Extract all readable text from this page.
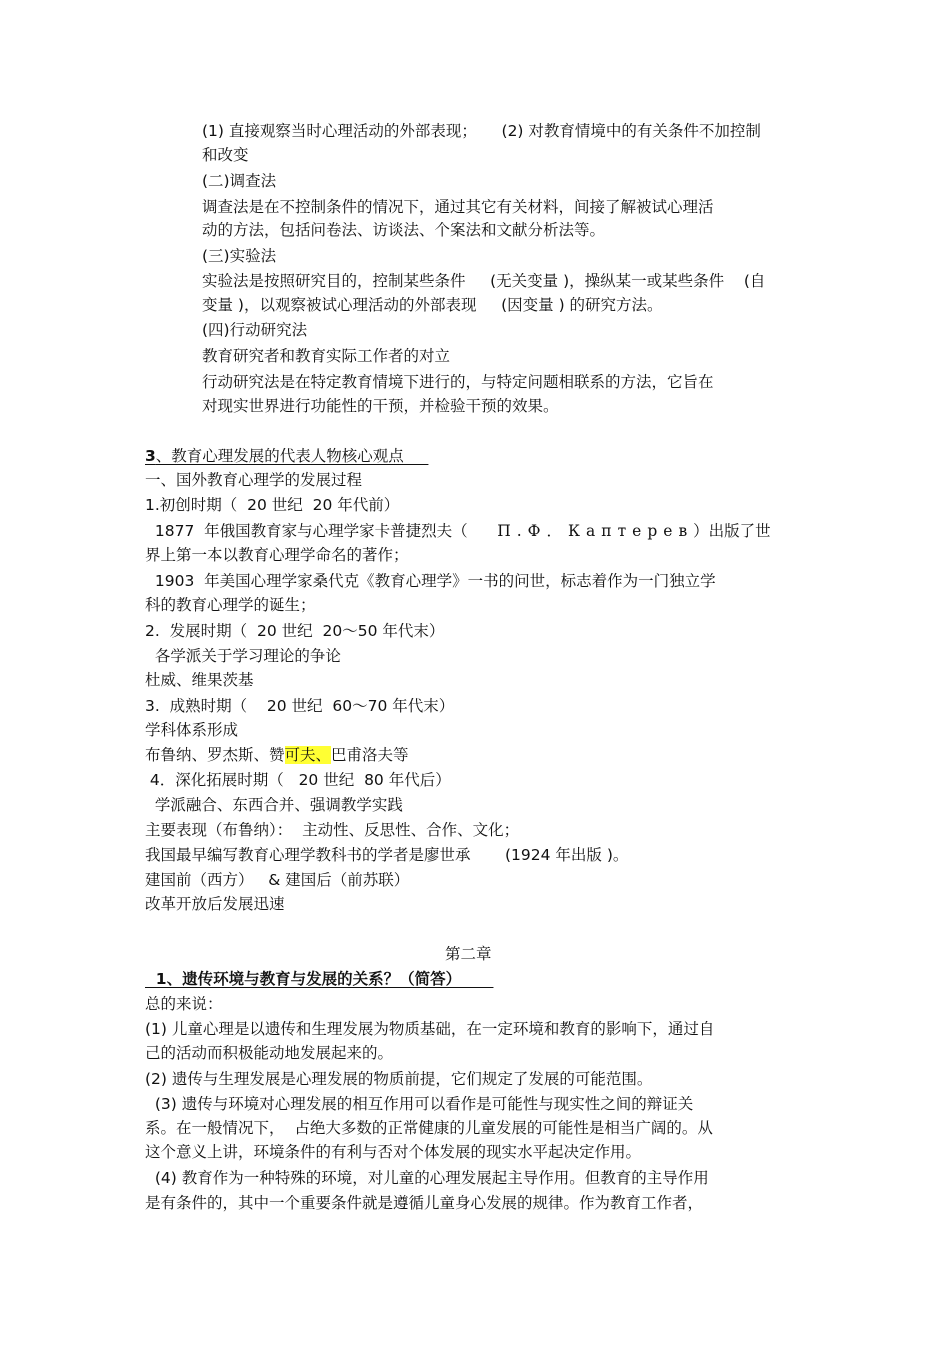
(1) 直接观察当时心理活动的外部表现；     (2) 对教育情境中的有关条件不加控制
和改变
(二)调查法
调查法是在不控制条件的情况下，通过其它有关材料，间接了解被试心理活
动的方法，包括问卷法、访谈法、个案法和文献分析法等。
(三)实验法
实验法是按照研究目的，控制某些条件     (无关变量 )，操纵某一或某些条件    (自
变量 )，以观察被试心理活动的外部表现     (因变量 ) 的研究方法。
(四)行动研究法
教育研究者和教育实际工作者的对立
行动研究法是在特定教育情境下进行的，与特定问题相联系的方法，它旨在
对现实世界进行功能性的干预，并检验干预的效果。
3、教育心理发展的代表人物核心观点
一、国外教育心理学的发展过程
1.初创时期（  20 世纪  20 年代前）
1877  年俄国教育家与心理学家卡普捷烈夫（      П.Ф．Каптерев）出版了世
界上第一本以教育心理学命名的著作；
1903  年美国心理学家桑代克《教育心理学》一书的问世，标志着作为一门独立学
科的教育心理学的诞生；
2.  发展时期（  20 世纪  20～50 年代末）
各学派关于学习理论的争论
杜威、维果茨基
3.  成熟时期（    20 世纪  60～70 年代末）
学科体系形成
布鲁纳、罗杰斯、赞可夫、巴甫洛夫等
4．深化拓展时期（   20 世纪  80 年代后）
学派融合、东西合并、强调教学实践
主要表现（布鲁纳）：  主动性、反思性、合作、文化；
我国最早编写教育心理学教科书的学者是廖世承       (1924 年出版 )。
建国前（西方）   & 建国后（前苏联）
改革开放后发展迅速
第二章
1、遗传环境与教育与发展的关系？（简答）
总的来说：
(1) 儿童心理是以遗传和生理发展为物质基础，在一定环境和教育的影响下，通过自
己的活动而积极能动地发展起来的。
(2) 遗传与生理发展是心理发展的物质前提，它们规定了发展的可能范围。
(3) 遗传与环境对心理发展的相互作用可以看作是可能性与现实性之间的辩证关
系。在一般情况下，  占绝大多数的正常健康的儿童发展的可能性是相当广阔的。从
这个意义上讲，环境条件的有利与否对个体发展的现实水平起决定作用。
(4) 教育作为一种特殊的环境，对儿童的心理发展起主导作用。但教育的主导作用
是有条件的，其中一个重要条件就是遵循儿童身心发展的规律。作为教育工作者，
